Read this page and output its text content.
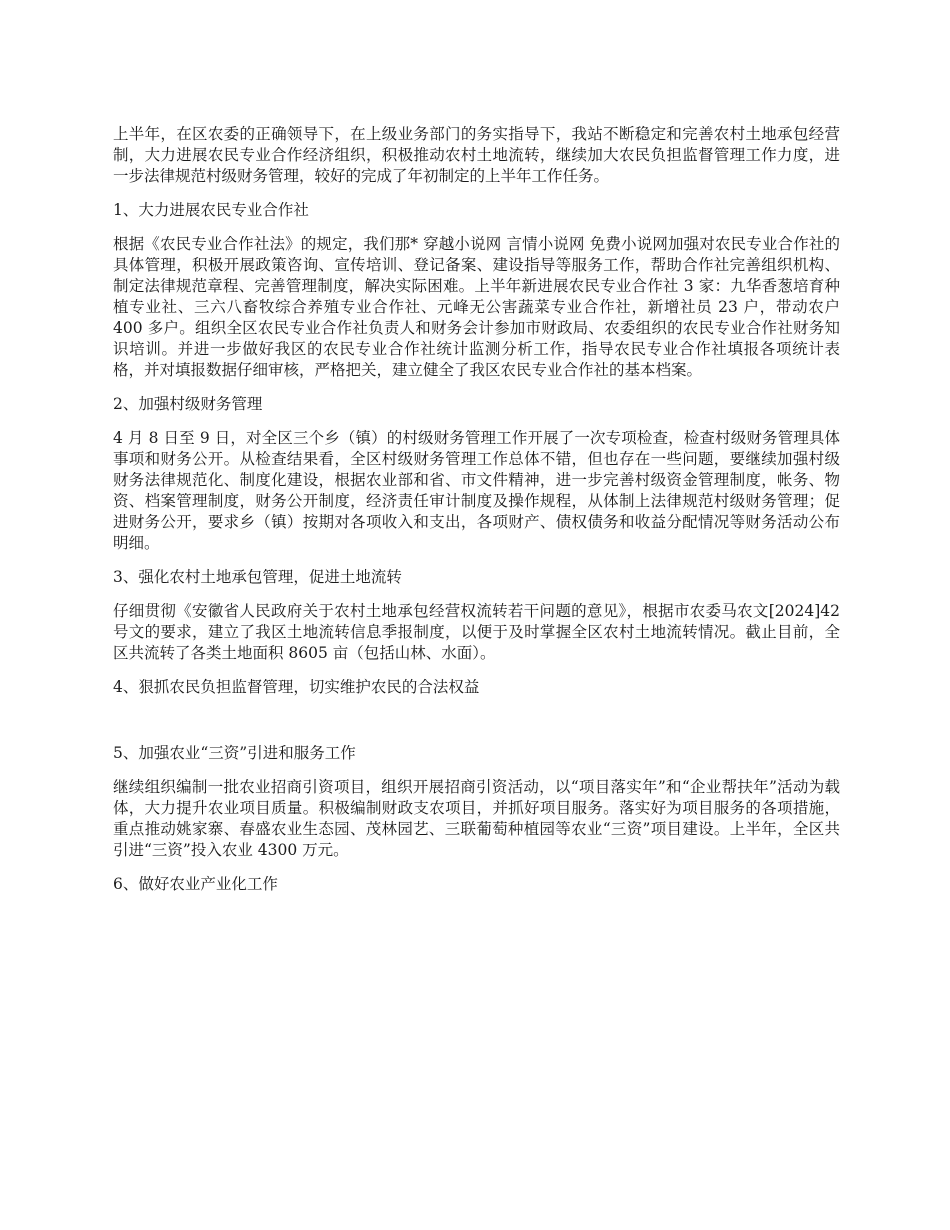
上半年，在区农委的正确领导下，在上级业务部门的务实指导下，我站不断稳定和完善农村土地承包经营制，大力进展农民专业合作经济组织，积极推动农村土地流转，继续加大农民负担监督管理工作力度，进一步法律规范村级财务管理，较好的完成了年初制定的上半年工作任务。

1、大力进展农民专业合作社

根据《农民专业合作社法》的规定，我们那* 穿越小说网 言情小说网 免费小说网加强对农民专业合作社的具体管理，积极开展政策咨询、宣传培训、登记备案、建设指导等服务工作，帮助合作社完善组织机构、制定法律规范章程、完善管理制度，解决实际困难。上半年新进展农民专业合作社 3 家：九华香葱培育种植专业社、三六八畜牧综合养殖专业合作社、元峰无公害蔬菜专业合作社，新增社员 23 户，带动农户 400 多户。组织全区农民专业合作社负责人和财务会计参加市财政局、农委组织的农民专业合作社财务知识培训。并进一步做好我区的农民专业合作社统计监测分析工作，指导农民专业合作社填报各项统计表格，并对填报数据仔细审核，严格把关，建立健全了我区农民专业合作社的基本档案。

2、加强村级财务管理

4 月 8 日至 9 日，对全区三个乡（镇）的村级财务管理工作开展了一次专项检查，检查村级财务管理具体事项和财务公开。从检查结果看，全区村级财务管理工作总体不错，但也存在一些问题，要继续加强村级财务法律规范化、制度化建设，根据农业部和省、市文件精神，进一步完善村级资金管理制度，帐务、物资、档案管理制度，财务公开制度，经济责任审计制度及操作规程，从体制上法律规范村级财务管理；促进财务公开，要求乡（镇）按期对各项收入和支出，各项财产、债权债务和收益分配情况等财务活动公布明细。

3、强化农村土地承包管理，促进土地流转

仔细贯彻《安徽省人民政府关于农村土地承包经营权流转若干问题的意见》，根据市农委马农文[2024]42 号文的要求，建立了我区土地流转信息季报制度，以便于及时掌握全区农村土地流转情况。截止目前，全区共流转了各类土地面积 8605 亩（包括山林、水面）。

4、狠抓农民负担监督管理，切实维护农民的合法权益

5、加强农业“三资”引进和服务工作

继续组织编制一批农业招商引资项目，组织开展招商引资活动，以“项目落实年”和“企业帮扶年”活动为载体，大力提升农业项目质量。积极编制财政支农项目，并抓好项目服务。落实好为项目服务的各项措施，重点推动姚家寨、春盛农业生态园、茂林园艺、三联葡萄种植园等农业“三资”项目建设。上半年，全区共引进“三资”投入农业 4300 万元。

6、做好农业产业化工作
